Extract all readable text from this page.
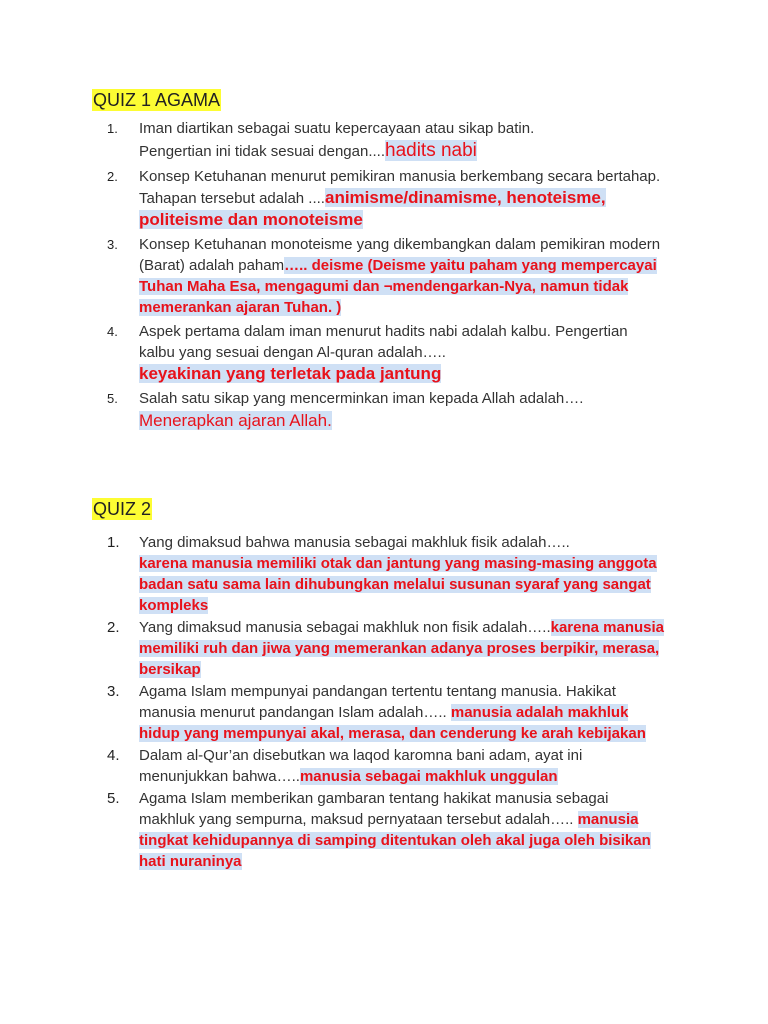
QUIZ 1 AGAMA
1. Iman diartikan sebagai suatu kepercayaan atau sikap batin.
Pengertian ini tidak sesuai dengan....hadits nabi
2. Konsep Ketuhanan menurut pemikiran manusia berkembang secara bertahap. Tahapan tersebut adalah ....animisme/dinamisme, henoteisme, politeisme dan monoteisme
3. Konsep Ketuhanan monoteisme yang dikembangkan dalam pemikiran modern (Barat) adalah paham….. deisme (Deisme yaitu paham yang mempercayai Tuhan Maha Esa, mengagumi dan ¬mendengarkan-Nya, namun tidak memerankan ajaran Tuhan. )
4. Aspek pertama dalam iman menurut hadits nabi adalah kalbu. Pengertian kalbu yang sesuai dengan Al-quran adalah…..
keyakinan yang terletak pada jantung
5. Salah satu sikap yang mencerminkan iman kepada Allah adalah….
Menerapkan ajaran Allah.
QUIZ 2
1. Yang dimaksud bahwa manusia sebagai makhluk fisik adalah…..
karena manusia memiliki otak dan jantung yang masing-masing anggota badan satu sama lain dihubungkan melalui susunan syaraf yang sangat kompleks
2. Yang dimaksud manusia sebagai makhluk non fisik adalah…..karena manusia memiliki ruh dan jiwa yang memerankan adanya proses berpikir, merasa, bersikap
3. Agama Islam mempunyai pandangan tertentu tentang manusia. Hakikat manusia menurut pandangan Islam adalah….. manusia adalah makhluk hidup yang mempunyai akal, merasa, dan cenderung ke arah kebijakan
4. Dalam al-Qur’an disebutkan wa laqod karomna bani adam, ayat ini menunjukkan bahwa…..manusia sebagai makhluk unggulan
5. Agama Islam memberikan gambaran tentang hakikat manusia sebagai makhluk yang sempurna, maksud pernyataan tersebut adalah….. manusia tingkat kehidupannya di samping ditentukan oleh akal juga oleh bisikan hati nuraninya
